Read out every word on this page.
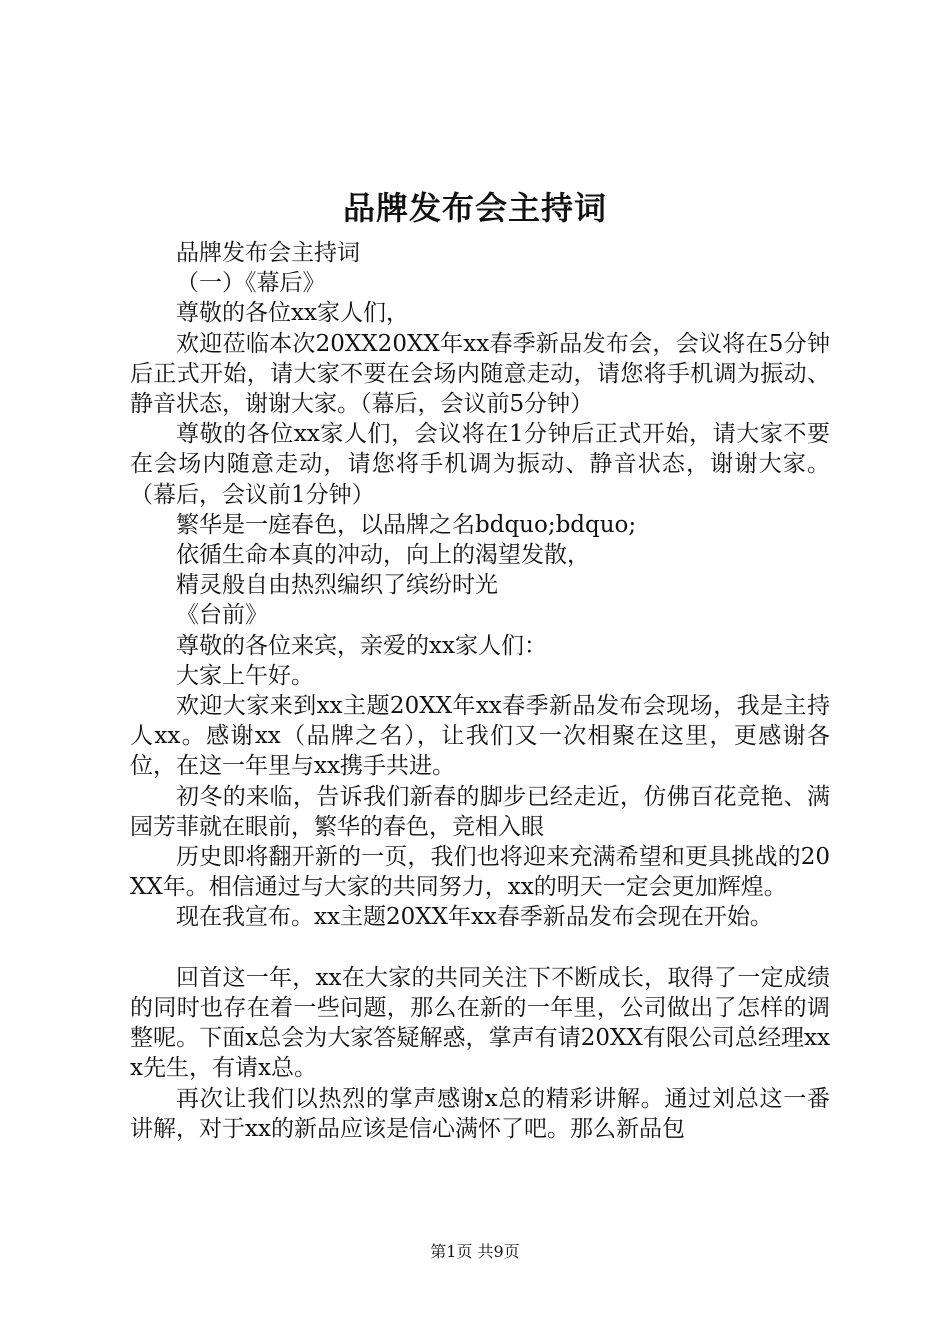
品牌发布会主持词

品牌发布会主持词

（一）《幕后》

尊敬的各位xx家人们，

欢迎莅临本次20XX20XX年xx春季新品发布会，会议将在5分钟后正式开始，请大家不要在会场内随意走动，请您将手机调为振动、静音状态，谢谢大家。（幕后，会议前5分钟）

尊敬的各位xx家人们，会议将在1分钟后正式开始，请大家不要在会场内随意走动，请您将手机调为振动、静音状态，谢谢大家。（幕后，会议前1分钟）

繁华是一庭春色，以品牌之名bdquo;bdquo;

依循生命本真的冲动，向上的渴望发散，

精灵般自由热烈编织了缤纷时光

《台前》

尊敬的各位来宾，亲爱的xx家人们：

大家上午好。

欢迎大家来到xx主题20XX年xx春季新品发布会现场，我是主持人xx。感谢xx（品牌之名），让我们又一次相聚在这里，更感谢各位，在这一年里与xx携手共进。

初冬的来临，告诉我们新春的脚步已经走近，仿佛百花竞艳、满园芳菲就在眼前，繁华的春色，竞相入眼

历史即将翻开新的一页，我们也将迎来充满希望和更具挑战的20XX年。相信通过与大家的共同努力，xx的明天一定会更加辉煌。

现在我宣布。xx主题20XX年xx春季新品发布会现在开始。

回首这一年，xx在大家的共同关注下不断成长，取得了一定成绩的同时也存在着一些问题，那么在新的一年里，公司做出了怎样的调整呢。下面x总会为大家答疑解惑，掌声有请20XX有限公司总经理xxx先生，有请x总。

再次让我们以热烈的掌声感谢x总的精彩讲解。通过刘总这一番讲解，对于xx的新品应该是信心满怀了吧。那么新品包

第1页 共9页
